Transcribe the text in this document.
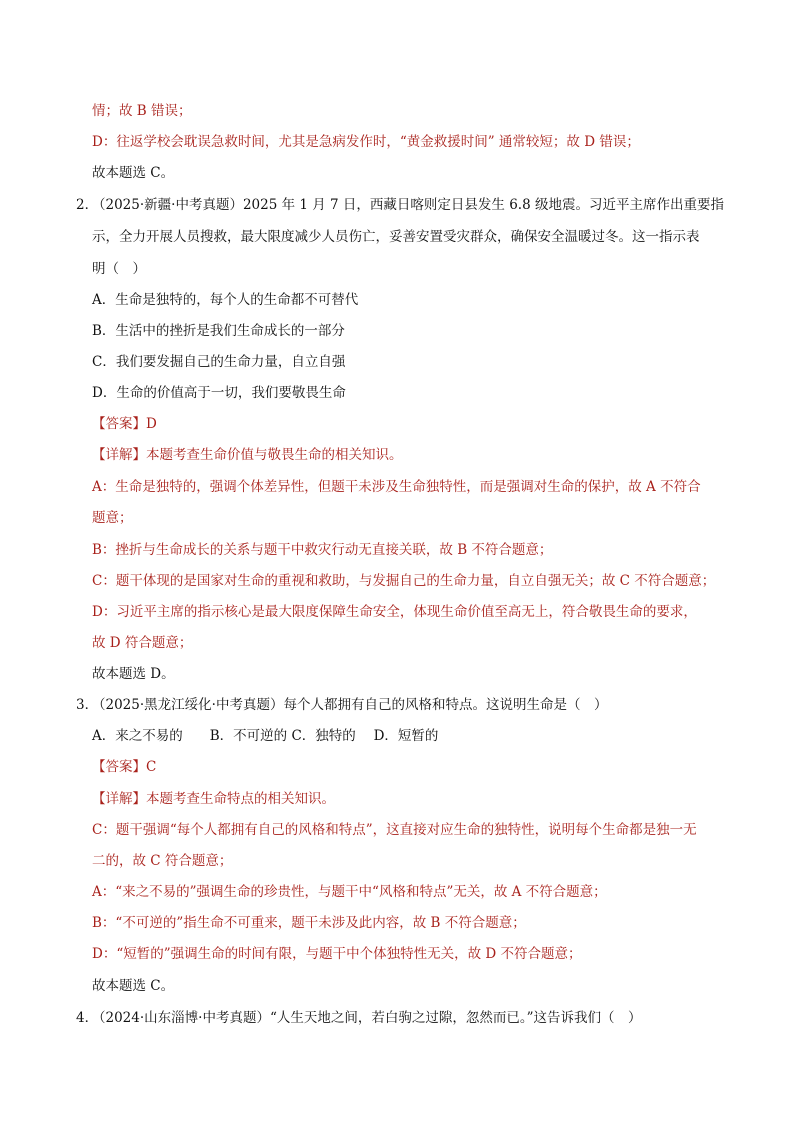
情；故 B 错误；
D：往返学校会耽误急救时间，尤其是急病发作时，“黄金救援时间” 通常较短；故 D 错误；
故本题选 C。
2．
（2025·新疆·中考真题）2025 年 1 月 7 日，西藏日喀则定日县发生 6.8 级地震。习近平主席作出重要指
示，全力开展人员搜救，最大限度减少人员伤亡，妥善安置受灾群众，确保安全温暖过冬。这一指示表
明（　）
A．生命是独特的，每个人的生命都不可替代
B．生活中的挫折是我们生命成长的一部分
C．我们要发掘自己的生命力量，自立自强
D．生命的价值高于一切，我们要敬畏生命
【答案】D
【详解】本题考查生命价值与敬畏生命的相关知识。
A：生命是独特的，强调个体差异性，但题干未涉及生命独特性，而是强调对生命的保护，故 A 不符合
题意；
B：挫折与生命成长的关系与题干中救灾行动无直接关联，故 B 不符合题意；
C：题干体现的是国家对生命的重视和救助，与发掘自己的生命力量，自立自强无关；故 C 不符合题意；
D：习近平主席的指示核心是最大限度保障生命安全，体现生命价值至高无上，符合敬畏生命的要求，
故 D 符合题意；
故本题选 D。
3．
（2025·黑龙江绥化·中考真题）每个人都拥有自己的风格和特点。这说明生命是（　）
A．来之不易的　　B．不可逆的 C．独特的　 D．短暂的
【答案】C
【详解】本题考查生命特点的相关知识。
C：题干强调“每个人都拥有自己的风格和特点”，这直接对应生命的独特性，说明每个生命都是独一无
二的，故 C 符合题意；
A：“来之不易的”强调生命的珍贵性，与题干中“风格和特点”无关，故 A 不符合题意；
B：“不可逆的”指生命不可重来，题干未涉及此内容，故 B 不符合题意；
D：“短暂的”强调生命的时间有限，与题干中个体独特性无关，故 D 不符合题意；
故本题选 C。
4．
（2024·山东淄博·中考真题）“人生天地之间，若白驹之过隙，忽然而已。”这告诉我们（　）
